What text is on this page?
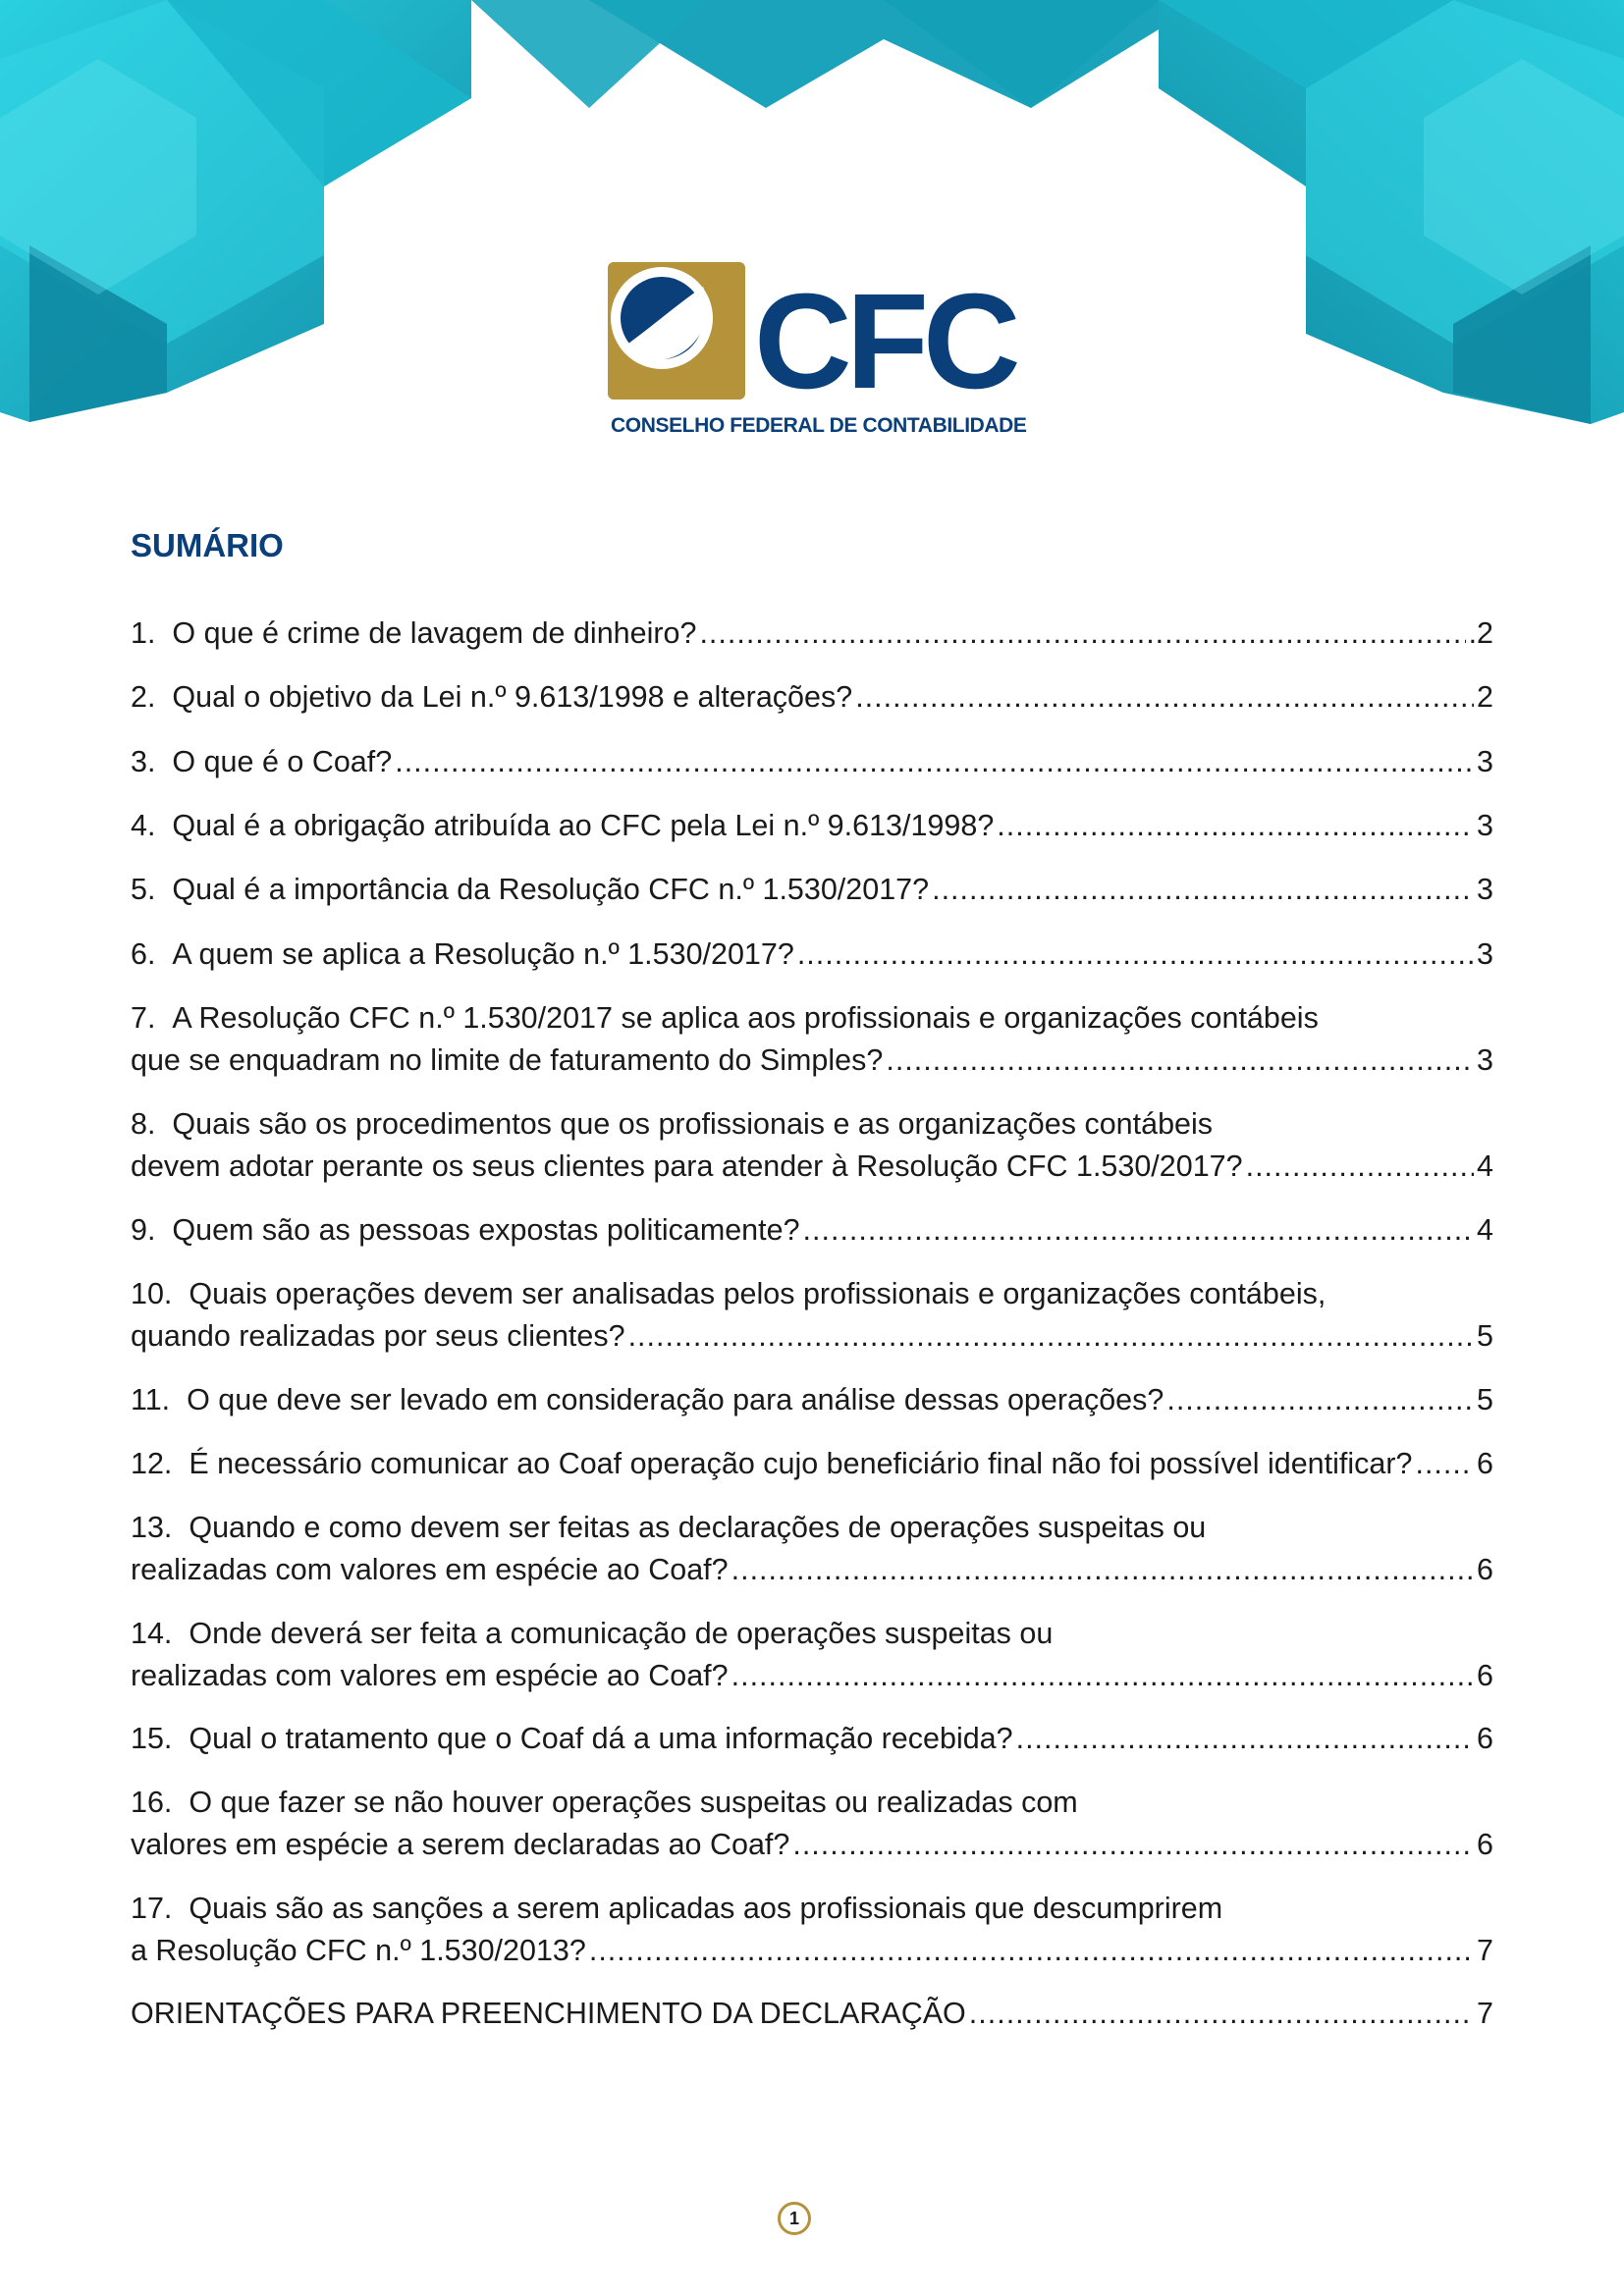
CFC
CONSELHO FEDERAL DE CONTABILIDADE
SUMÁRIO
1.  O que é crime de lavagem de dinheiro? .....	.2
2.  Qual o objetivo da Lei n.º 9.613/1998 e alterações? .....	2
3.  O que é o Coaf? .....	3
4.  Qual é a obrigação atribuída ao CFC pela Lei n.º 9.613/1998? .....	3
5.  Qual é a importância da Resolução CFC n.º 1.530/2017? .....	3
6.  A quem se aplica a Resolução n.º 1.530/2017? .....	3
7.  A Resolução CFC n.º 1.530/2017 se aplica aos profissionais e organizações contábeis
que se enquadram no limite de faturamento do Simples? .....	3
8.  Quais são os procedimentos que os profissionais e as organizações contábeis
devem adotar perante os seus clientes para atender à Resolução CFC 1.530/2017? .....	4
9.  Quem são as pessoas expostas politicamente? .....	4
10.  Quais operações devem ser analisadas pelos profissionais e organizações contábeis,
quando realizadas por seus clientes? .....	5
11.  O que deve ser levado em consideração para análise dessas operações? .....	5
12.  É necessário comunicar ao Coaf operação cujo beneficiário final não foi possível identificar? ..... 6
13.  Quando e como devem ser feitas as declarações de operações suspeitas ou
realizadas com valores em espécie ao Coaf? .....	6
14.  Onde deverá ser feita a comunicação de operações suspeitas ou
realizadas com valores em espécie ao Coaf? .....	6
15.  Qual o tratamento que o Coaf dá a uma informação recebida? .....	6
16.  O que fazer se não houver operações suspeitas ou realizadas com
valores em espécie a serem declaradas ao Coaf? .....	6
17.  Quais são as sanções a serem aplicadas aos profissionais que descumprirem
a Resolução CFC n.º 1.530/2013? .....	7
ORIENTAÇÕES PARA PREENCHIMENTO DA DECLARAÇÃO .....	7
1
